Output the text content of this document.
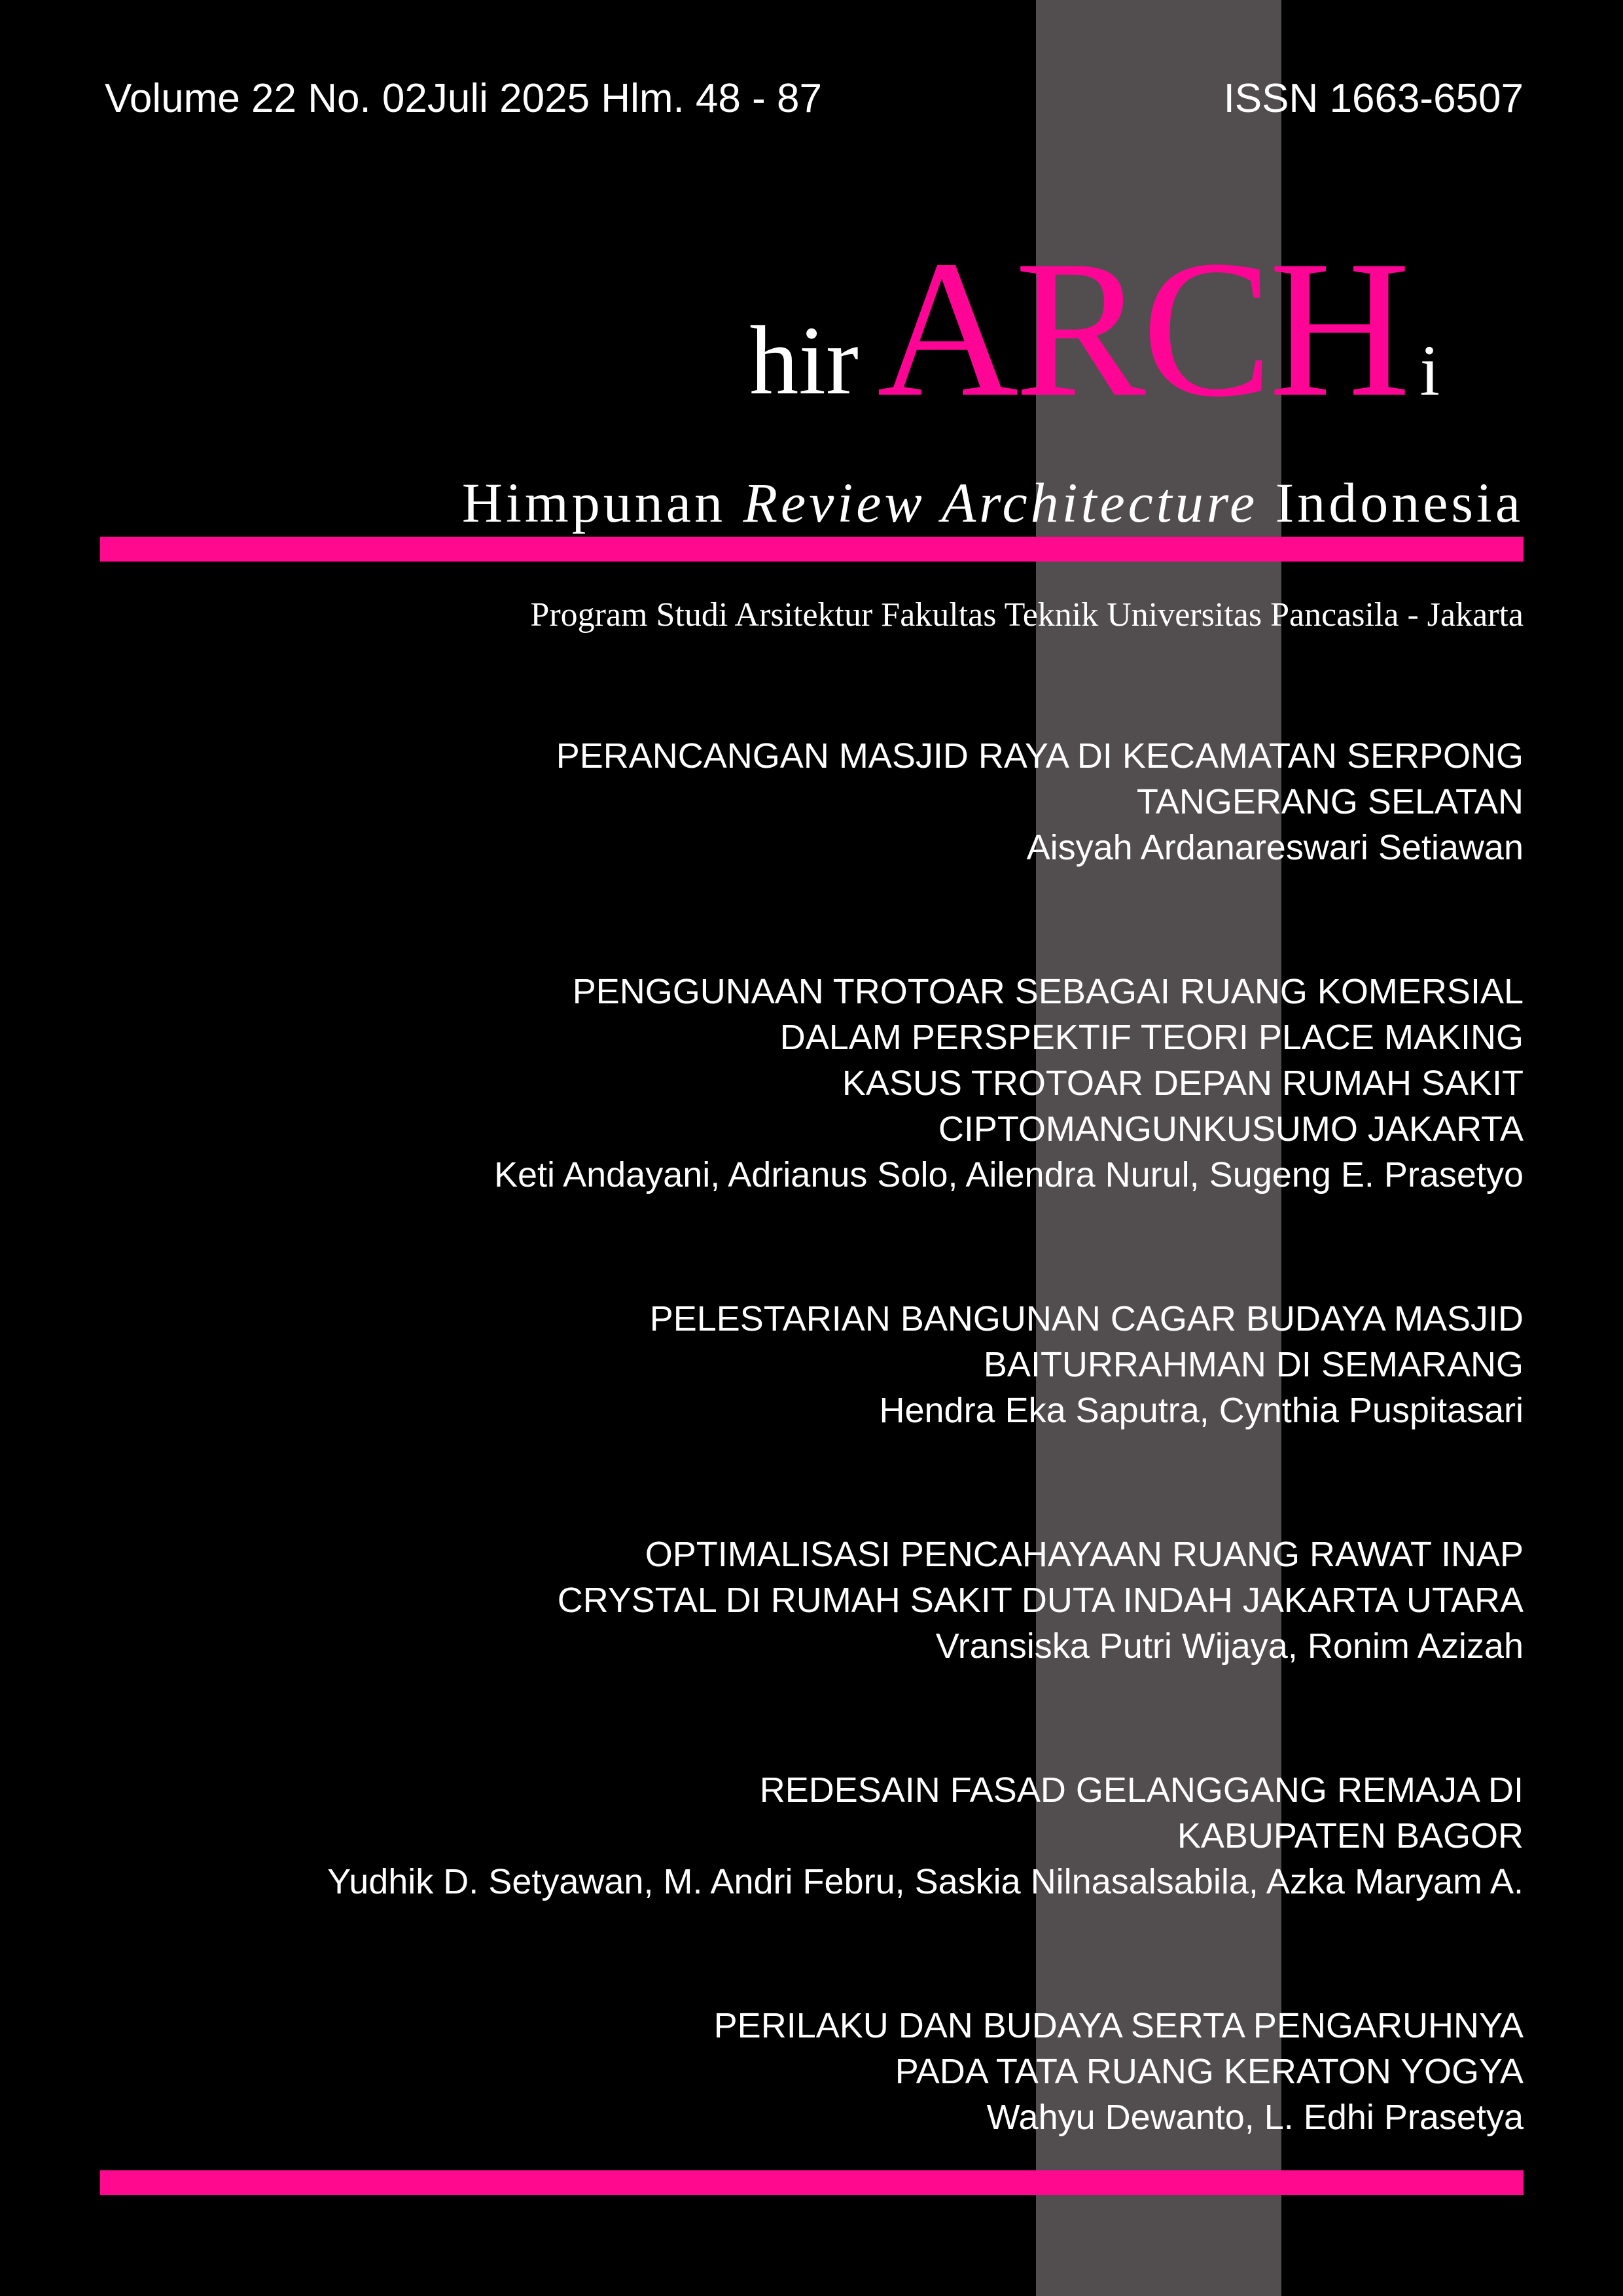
Volume 22 No. 02Juli 2025 Hlm. 48 - 87	ISSN 1663-6507
hirARCH i
Himpunan Review Architecture Indonesia
Program Studi Arsitektur Fakultas Teknik Universitas Pancasila - Jakarta
PERANCANGAN MASJID RAYA DI KECAMATAN SERPONG
TANGERANG SELATAN
Aisyah Ardanareswari Setiawan
PENGGUNAAN TROTOAR SEBAGAI RUANG KOMERSIAL
DALAM PERSPEKTIF TEORI PLACE MAKING
KASUS TROTOAR DEPAN RUMAH SAKIT
CIPTOMANGUNKUSUMO JAKARTA
Keti Andayani, Adrianus Solo, Ailendra Nurul, Sugeng E. Prasetyo
PELESTARIAN BANGUNAN CAGAR BUDAYA MASJID
BAITURRAHMAN DI SEMARANG
Hendra Eka Saputra, Cynthia Puspitasari
OPTIMALISASI PENCAHAYAAN RUANG RAWAT INAP
CRYSTAL DI RUMAH SAKIT DUTA INDAH JAKARTA UTARA
Vransiska Putri Wijaya, Ronim Azizah
REDESAIN FASAD GELANGGANG REMAJA DI
KABUPATEN BAGOR
Yudhik D. Setyawan, M. Andri Febru, Saskia Nilnasalsabila, Azka Maryam A.
PERILAKU DAN BUDAYA SERTA PENGARUHNYA
PADA TATA RUANG KERATON YOGYA
Wahyu Dewanto, L. Edhi Prasetya
